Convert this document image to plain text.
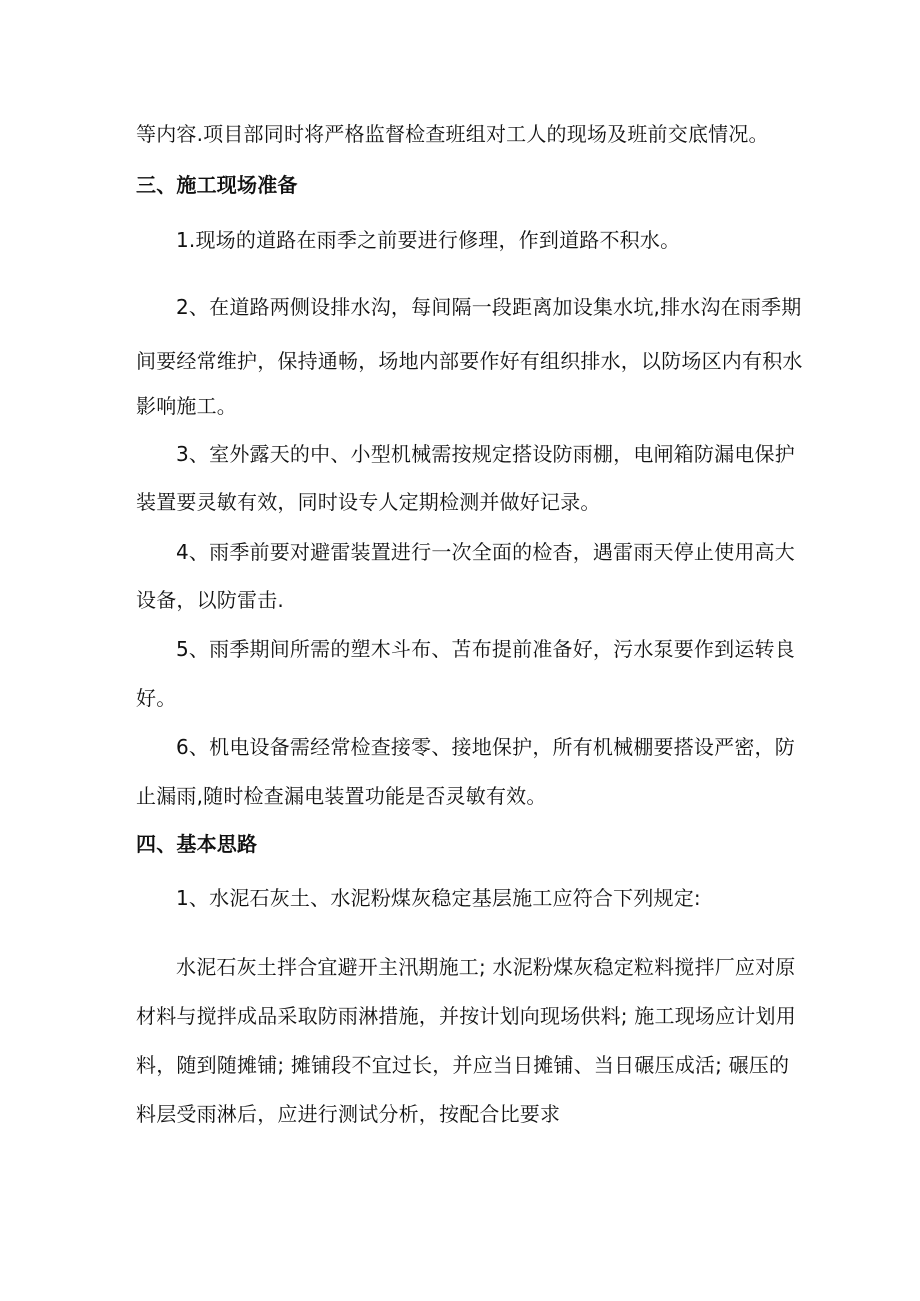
等内容.项目部同时将严格监督检查班组对工人的现场及班前交底情况。
三、施工现场准备
1.现场的道路在雨季之前要进行修理，作到道路不积水。
2、在道路两侧设排水沟，每间隔一段距离加设集水坑,排水沟在雨季期
间要经常维护，保持通畅，场地内部要作好有组织排水，以防场区内有积水
影响施工。
3、室外露天的中、小型机械需按规定搭设防雨棚，电闸箱防漏电保护
装置要灵敏有效，同时设专人定期检测并做好记录。
4、雨季前要对避雷装置进行一次全面的检杳，遇雷雨天停止使用高大
设备，以防雷击.
5、雨季期间所需的塑木斗布、苫布提前准备好，污水泵要作到运转良
好。
6、机电设备需经常检查接零、接地保护，所有机械棚要搭设严密，防
止漏雨,随时检查漏电装置功能是否灵敏有效。
四、基本思路
1、水泥石灰土、水泥粉煤灰稳定基层施工应符合下列规定:
水泥石灰土拌合宜避开主汛期施工; 水泥粉煤灰稳定粒料搅拌厂应对原
材料与搅拌成品采取防雨淋措施，并按计划向现场供料; 施工现场应计划用
料，随到随摊铺; 摊铺段不宜过长，并应当日摊铺、当日碾压成活; 碾压的
料层受雨淋后，应进行测试分析，按配合比要求
